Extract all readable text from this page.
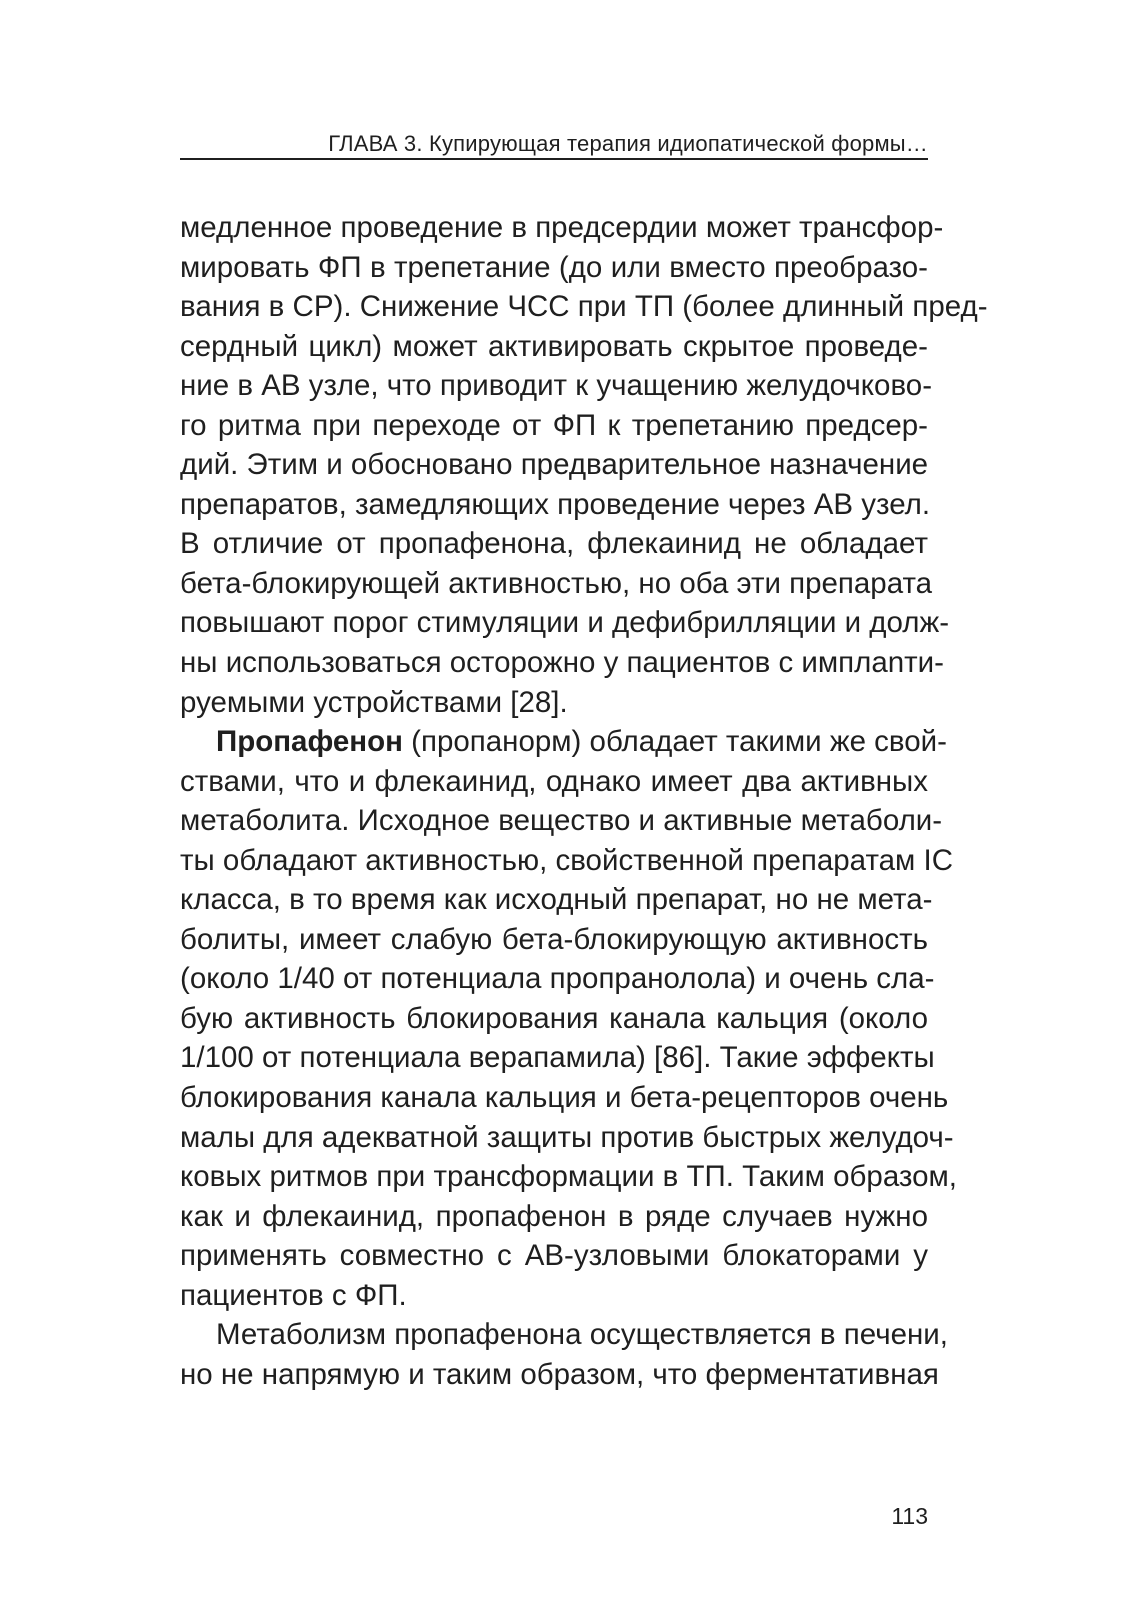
ГЛАВА 3. Купирующая терапия идиопатической формы…
медленное проведение в предсердии может трансфор-
мировать ФП в трепетание (до или вместо преобразо-
вания в СР). Снижение ЧСС при ТП (более длинный пред-
сердный цикл) может активировать скрытое проведе-
ние в АВ узле, что приводит к учащению желудочково-
го ритма при переходе от ФП к трепетанию предсер-
дий. Этим и обосновано предварительное назначение
препаратов, замедляющих проведение через АВ узел.
В отличие от пропафенона, флекаинид не обладает
бета-блокирующей активностью, но оба эти препарата
повышают порог стимуляции и дефибрилляции и долж-
ны использоваться осторожно у пациентов с имплanти-
руемыми устройствами [28].
Пропафенон (пропанорм) обладает такими же свой-
ствами, что и флекаинид, однако имеет два активных
метаболита. Исходное вещество и активные метаболи-
ты обладают активностью, свойственной препаратам IC
класса, в то время как исходный препарат, но не мета-
болиты, имеет слабую бета-блокирующую активность
(около 1/40 от потенциала пропранолола) и очень сла-
бую активность блокирования канала кальция (около
1/100 от потенциала верапамила) [86]. Такие эффекты
блокирования канала кальция и бета-рецепторов очень
малы для адекватной защиты против быстрых желудоч-
ковых ритмов при трансформации в ТП. Таким образом,
как и флекаинид, пропафенон в ряде случаев нужно
применять совместно с АВ-узловыми блокаторами у
пациентов с ФП.
Метаболизм пропафенона осуществляется в печени,
но не напрямую и таким образом, что ферментативная
113
